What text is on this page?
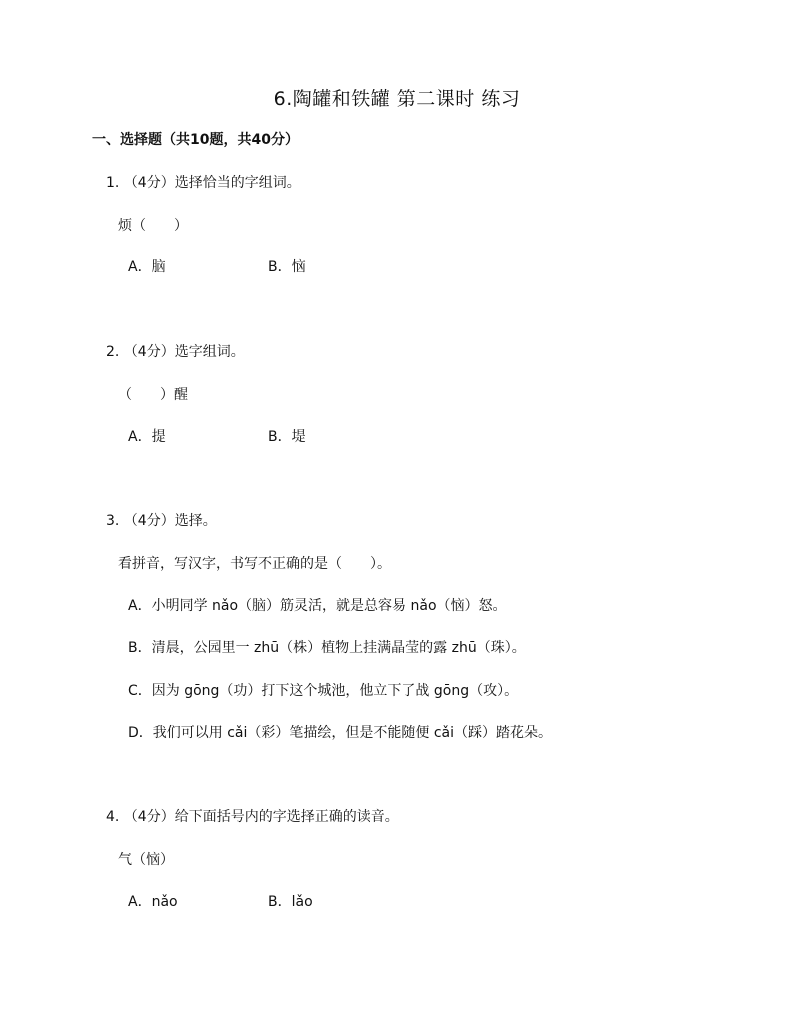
6.陶罐和铁罐 第二课时 练习
一、选择题（共10题，共40分）
1. （4分）选择恰当的字组词。
烦（　　）
A．脑	B．恼
2. （4分）选字组词。
（　　）醒
A．提	B．堤
3. （4分）选择。
看拼音，写汉字，书写不正确的是（　　）。
A．小明同学 nǎo（脑）筋灵活，就是总容易 nǎo（恼）怒。
B．清晨，公园里一 zhū（株）植物上挂满晶莹的露 zhū（珠）。
C．因为 gōng（功）打下这个城池，他立下了战 gōng（攻）。
D．我们可以用 cǎi（彩）笔描绘，但是不能随便 cǎi（踩）踏花朵。
4. （4分）给下面括号内的字选择正确的读音。
气（恼）
A．nǎo	B．lǎo
